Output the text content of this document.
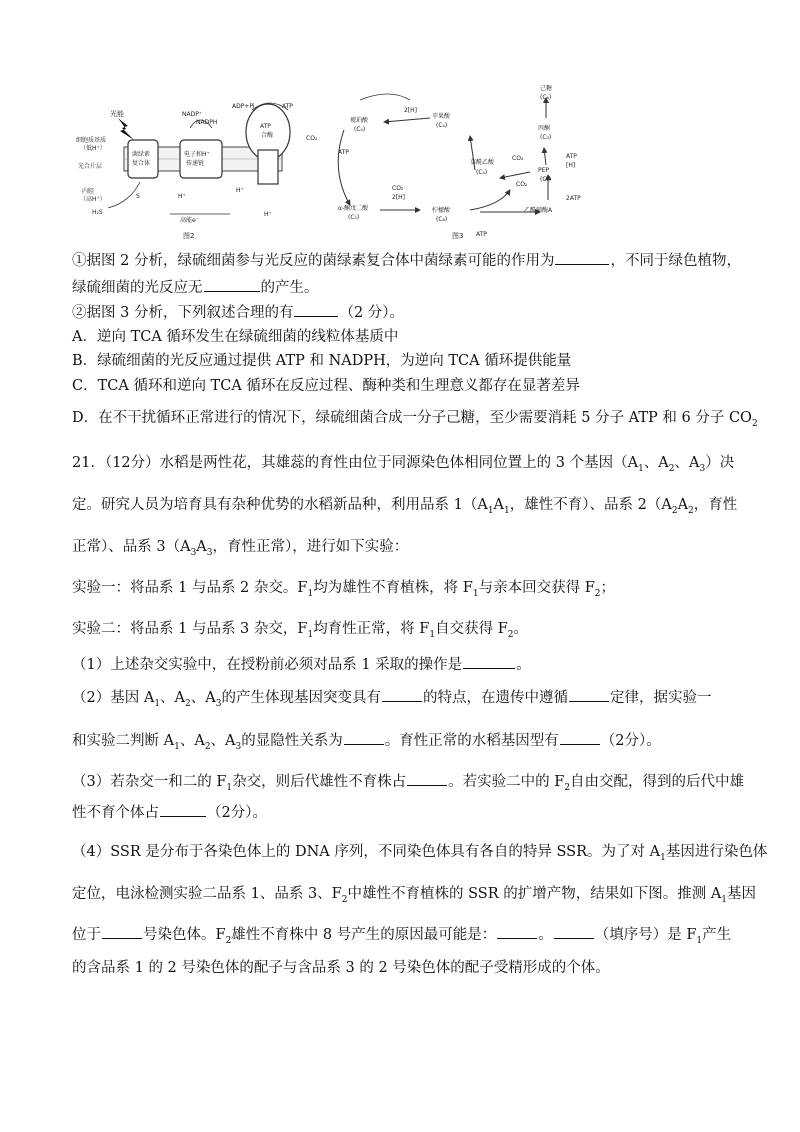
光能
细胞质基质
（低H⁺）
光合片层
内腔
（高H⁺）
菌绿素
复合体
电子和H⁺
传递链
ATP
合酶
NADP⁺
NADPH
ADP+Pi	ATP
H₂S
S	H⁺
高能e⁻
H⁺
H⁺
图2
琥珀酸
(C₄)
苹果酸
(C₄)
草酰乙酸
(C₄)
柠檬酸
(C₆)
α-酮戊二酸
(C₅)
乙酰辅酶A
PEP
(C₃)
丙酮
(C₃)
己糖
(C₆)
2[H]
CO₂
ATP
CO₂
2[H]
CO₂	ATP
[H]
2ATP
ATP
CO₂
图3
①据图 2 分析，绿硫细菌参与光反应的菌绿素复合体中菌绿素可能的作用为	，不同于绿色植物，
绿硫细菌的光反应无	的产生。
②据图 3 分析，下列叙述合理的有	（2 分）。
A．逆向 TCA 循环发生在绿硫细菌的线粒体基质中
B．绿硫细菌的光反应通过提供 ATP 和 NADPH，为逆向 TCA 循环提供能量
C．TCA 循环和逆向 TCA 循环在反应过程、酶种类和生理意义都存在显著差异
D．在不干扰循环正常进行的情况下，绿硫细菌合成一分子己糖，至少需要消耗 5 分子 ATP 和 6 分子 $CO_2$
21．（12分）水稻是两性花，其雄蕊的育性由位于同源染色体相同位置上的 3 个基因（$A_1$、$A_2$、$A_3$）决
定。研究人员为培育具有杂种优势的水稻新品种，利用品系 $1(A_1A_1$，雄性不育）、品系 $2(A_2A_2$，育性
正常）、品系 $3(A_3A_3$，育性正常），进行如下实验：
实验一：将品系 1 与品系 2 杂交。$F_1$均为雄性不育植株，将 $F_1$与亲本回交获得 $F_2$；
实验二：将品系 1 与品系 3 杂交，$F_1$均育性正常，将 $F_1$自交获得 $F_2$。
（1）上述杂交实验中，在授粉前必须对品系 1 采取的操作是	。
（2）基因 $A_1$、$A_2$、$A_3$的产生体现基因突变具有	的特点，在遗传中遵循	定律，据实验一
和实验二判断 $A_1$、$A_2$、$A_3$的显隐性关系为	。育性正常的水稻基因型有	（2分）。
（3）若杂交一和二的 $F_1$杂交，则后代雄性不育株占	。若实验二中的 $F_2$自由交配，得到的后代中雄
性不育个体占	（2分）。
（4）SSR 是分布于各染色体上的 DNA 序列，不同染色体具有各自的特异 SSR。为了对 $A_1$基因进行染色体
定位，电泳检测实验二品系 1、品系 3、$F_2$中雄性不育植株的 SSR 的扩增产物，结果如下图。推测 $A_1$基因
位于	号染色体。$F_2$雄性不育株中 8 号产生的原因最可能是：	。	（填序号）是 $F_1$产生
的含品系 1 的 2 号染色体的配子与含品系 3 的 2 号染色体的配子受精形成的个体。
